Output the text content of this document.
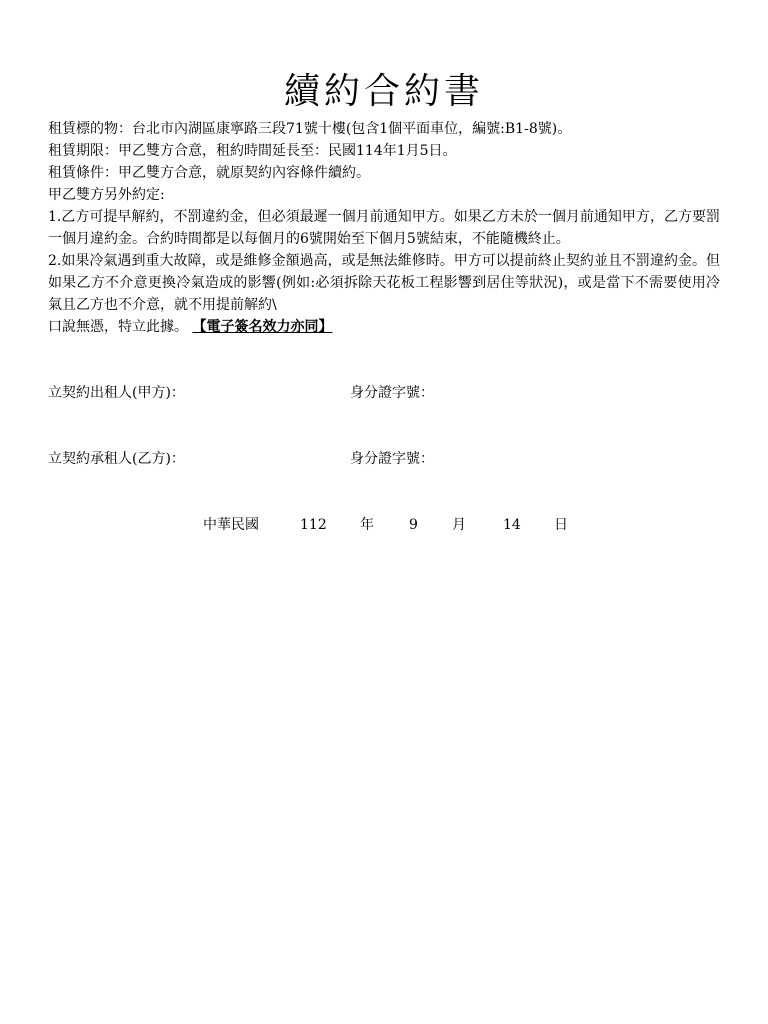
續約合約書
租賃標的物：台北市內湖區康寧路三段71號十樓(包含1個平面車位，編號:B1-8號)。
租賃期限：甲乙雙方合意，租約時間延長至：民國114年1月5日。
租賃條件：甲乙雙方合意，就原契約內容條件續約。
甲乙雙方另外約定:
1.乙方可提早解約，不罰違約金，但必須最遲一個月前通知甲方。如果乙方未於一個月前通知甲方，乙方要罰一個月違約金。合約時間都是以每個月的6號開始至下個月5號結束，不能隨機終止。
2.如果冷氣遇到重大故障，或是維修金額過高，或是無法維修時。甲方可以提前終止契約並且不罰違約金。但如果乙方不介意更換冷氣造成的影響(例如:必須拆除天花板工程影響到居住等狀況)，或是當下不需要使用冷氣且乙方也不介意，就不用提前解約\
口說無憑，特立此據。 【電子簽名效力亦同】
立契約出租人(甲方)：	身分證字號：
立契約承租人(乙方)：	身分證字號：
中華民國	112 年	9 月	14 日
